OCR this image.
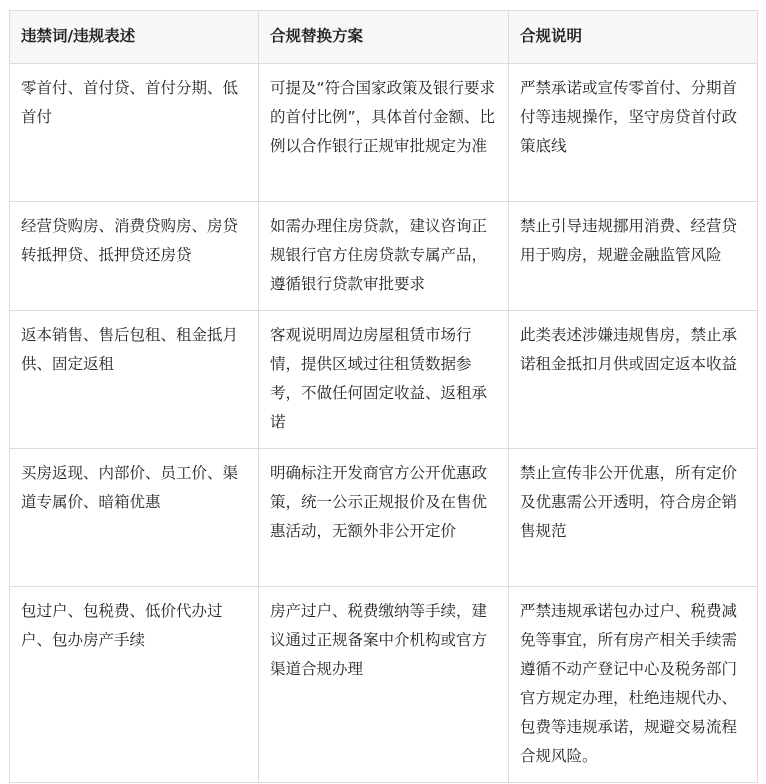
违禁词/违规表述	合规替换方案	合规说明
零首付、首付贷、首付分期、低首付	可提及“符合国家政策及银行要求的首付比例”，具体首付金额、比例以合作银行正规审批规定为准	严禁承诺或宣传零首付、分期首付等违规操作，坚守房贷首付政策底线
经营贷购房、消费贷购房、房贷转抵押贷、抵押贷还房贷	如需办理住房贷款，建议咨询正规银行官方住房贷款专属产品，遵循银行贷款审批要求	禁止引导违规挪用消费、经营贷用于购房，规避金融监管风险
返本销售、售后包租、租金抵月供、固定返租	客观说明周边房屋租赁市场行情，提供区域过往租赁数据参考，不做任何固定收益、返租承诺	此类表述涉嫌违规售房，禁止承诺租金抵扣月供或固定返本收益
买房返现、内部价、员工价、渠道专属价、暗箱优惠	明确标注开发商官方公开优惠政策，统一公示正规报价及在售优惠活动，无额外非公开定价	禁止宣传非公开优惠，所有定价及优惠需公开透明，符合房企销售规范
包过户、包税费、低价代办过户、包办房产手续	房产过户、税费缴纳等手续，建议通过正规备案中介机构或官方渠道合规办理	严禁违规承诺包办过户、税费减免等事宜，所有房产相关手续需遵循不动产登记中心及税务部门官方规定办理，杜绝违规代办、包费等违规承诺，规避交易流程合规风险。
